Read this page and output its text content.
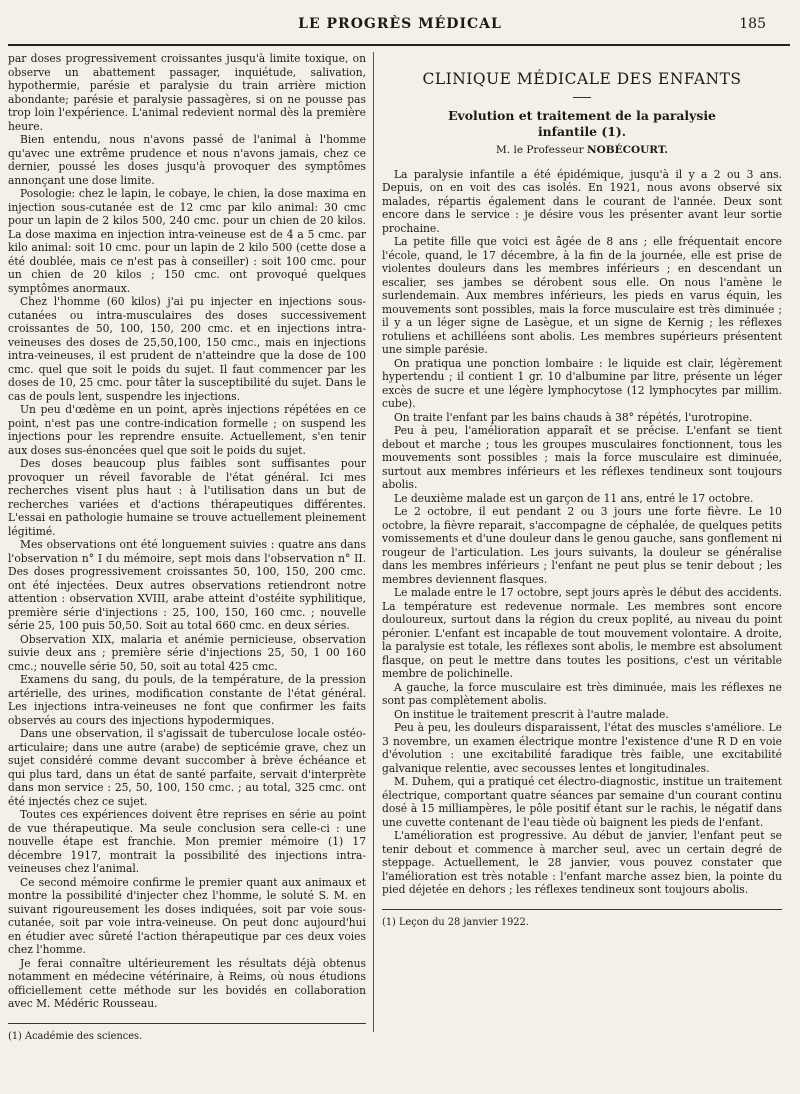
LE PROGRÈS MÉDICAL	185

par doses progressivement croissantes jusqu'à limite toxique, on observe un abattement passager, inquiétude, salivation, hypothermie, parésie et paralysie du train arrière miction abondante; parésie et paralysie passagères, si on ne pousse pas trop loin l'expérience. L'animal redevient normal dès la première heure.

Bien entendu, nous n'avons passé de l'animal à l'homme qu'avec une extrême prudence et nous n'avons jamais, chez ce dernier, poussé les doses jusqu'à provoquer des symptômes annonçant une dose limite.

Posologie: chez le lapin, le cobaye, le chien, la dose maxima en injection sous-cutanée est de 12 cmc par kilo animal: 30 cmc pour un lapin de 2 kilos 500, 240 cmc. pour un chien de 20 kilos. La dose maxima en injection intra-veineuse est de 4 a 5 cmc. par kilo animal: soit 10 cmc. pour un lapin de 2 kilo 500 (cette dose a été doublée, mais ce n'est pas à conseiller) : soit 100 cmc. pour un chien de 20 kilos ; 150 cmc. ont provoqué quelques symptômes anormaux.

Chez l'homme (60 kilos) j'ai pu injecter en injections sous-cutanées ou intra-musculaires des doses successivement croissantes de 50, 100, 150, 200 cmc. et en injections intra-veineuses des doses de 25,50,100, 150 cmc., mais en injections intra-veineuses, il est prudent de n'atteindre que la dose de 100 cmc. quel que soit le poids du sujet. Il faut commencer par les doses de 10, 25 cmc. pour tâter la susceptibilité du sujet. Dans le cas de pouls lent, suspendre les injections.

Un peu d'œdème en un point, après injections répétées en ce point, n'est pas une contre-indication formelle ; on suspend les injections pour les reprendre ensuite. Actuellement, s'en tenir aux doses sus-énoncées quel que soit le poids du sujet.

Des doses beaucoup plus faibles sont suffisantes pour provoquer un réveil favorable de l'état général. Ici mes recherches visent plus haut : à l'utilisation dans un but de recherches variées et d'actions thérapeutiques différentes. L'essai en pathologie humaine se trouve actuellement pleinement légitimé.

Mes observations ont été longuement suivies : quatre ans dans l'observation n° I du mémoire, sept mois dans l'observation n° II. Des doses progressivement croissantes 50, 100, 150, 200 cmc. ont été injectées. Deux autres observations retiendront notre attention : observation XVIII, arabe atteint d'ostéite syphilitique, première série d'injections : 25, 100, 150, 160 cmc. ; nouvelle série 25, 100 puis 50,50. Soit au total 660 cmc. en deux séries.

Observation XIX, malaria et anémie pernicieuse, observation suivie deux ans ; première série d'injections 25, 50, 1 00 160 cmc.; nouvelle série 50, 50, soit au total 425 cmc.

Examens du sang, du pouls, de la température, de la pression artérielle, des urines, modification constante de l'état général. Les injections intra-veineuses ne font que confirmer les faits observés au cours des injections hypodermiques.

Dans une observation, il s'agissait de tuberculose locale ostéo-articulaire; dans une autre (arabe) de septicémie grave, chez un sujet considéré comme devant succomber à brève échéance et qui plus tard, dans un état de santé parfaite, servait d'interprète dans mon service : 25, 50, 100, 150 cmc. ; au total, 325 cmc. ont été injectés chez ce sujet.

Toutes ces expériences doivent être reprises en série au point de vue thérapeutique. Ma seule conclusion sera celle-ci : une nouvelle étape est franchie. Mon premier mémoire (1) 17 décembre 1917, montrait la possibilité des injections intra-veineuses chez l'animal.

Ce second mémoire confirme le premier quant aux animaux et montre la possibilité d'injecter chez l'homme, le soluté S. M. en suivant rigoureusement les doses indiquées, soit par voie sous-cutanée, soit par voie intra-veineuse. On peut donc aujourd'hui en étudier avec sûreté l'action thérapeutique par ces deux voies chez l'homme.

Je ferai connaître ultérieurement les résultats déjà obtenus notamment en médecine vétérinaire, à Reims, où nous étudions officiellement cette méthode sur les bovidés en collaboration avec M. Médéric Rousseau.

(1) Académie des sciences.

CLINIQUE MÉDICALE DES ENFANTS

Evolution et traitement de la paralysie infantile (1).

M. le Professeur NOBÉCOURT.

La paralysie infantile a été épidémique, jusqu'à il y a 2 ou 3 ans. Depuis, on en voit des cas isolés. En 1921, nous avons observé six malades, répartis également dans le courant de l'année. Deux sont encore dans le service : je désire vous les présenter avant leur sortie prochaine.

La petite fille que voici est âgée de 8 ans ; elle fréquentait encore l'école, quand, le 17 décembre, à la fin de la journée, elle est prise de violentes douleurs dans les membres inférieurs ; en descendant un escalier, ses jambes se dérobent sous elle. On nous l'amène le surlendemain. Aux membres inférieurs, les pieds en varus équin, les mouvements sont possibles, mais la force musculaire est très diminuée ; il y a un léger signe de Lasègue, et un signe de Kernig ; les réflexes rotuliens et achilléens sont abolis. Les membres supérieurs présentent une simple parésie.

On pratiqua une ponction lombaire : le liquide est clair, légèrement hypertendu ; il contient 1 gr. 10 d'albumine par litre, présente un léger excès de sucre et une légère lymphocytose (12 lymphocytes par millim. cube).

On traite l'enfant par les bains chauds à 38° répétés, l'urotropine.

Peu à peu, l'amélioration apparaît et se précise. L'enfant se tient debout et marche ; tous les groupes musculaires fonctionnent, tous les mouvements sont possibles ; mais la force musculaire est diminuée, surtout aux membres inférieurs et les réflexes tendineux sont toujours abolis.

Le deuxième malade est un garçon de 11 ans, entré le 17 octobre.

Le 2 octobre, il eut pendant 2 ou 3 jours une forte fièvre. Le 10 octobre, la fièvre reparait, s'accompagne de céphalée, de quelques petits vomissements et d'une douleur dans le genou gauche, sans gonflement ni rougeur de l'articulation. Les jours suivants, la douleur se généralise dans les membres inférieurs ; l'enfant ne peut plus se tenir debout ; les membres deviennent flasques.

Le malade entre le 17 octobre, sept jours après le début des accidents. La température est redevenue normale. Les membres sont encore douloureux, surtout dans la région du creux poplité, au niveau du point péronier. L'enfant est incapable de tout mouvement volontaire. A droite, la paralysie est totale, les réflexes sont abolis, le membre est absolument flasque, on peut le mettre dans toutes les positions, c'est un véritable membre de polichinelle.

A gauche, la force musculaire est très diminuée, mais les réflexes ne sont pas complètement abolis.

On institue le traitement prescrit à l'autre malade.

Peu à peu, les douleurs disparaissent, l'état des muscles s'améliore. Le 3 novembre, un examen électrique montre l'existence d'une R D en voie d'évolution : une excitabilité faradique très faible, une excitabilité galvanique relentie, avec secousses lentes et longitudinales.

M. Duhem, qui a pratiqué cet électro-diagnostic, institue un traitement électrique, comportant quatre séances par semaine d'un courant continu dosé à 15 milliampères, le pôle positif étant sur le rachis, le négatif dans une cuvette contenant de l'eau tiède où baignent les pieds de l'enfant.

L'amélioration est progressive. Au début de janvier, l'enfant peut se tenir debout et commence à marcher seul, avec un certain degré de steppage. Actuellement, le 28 janvier, vous pouvez constater que l'amélioration est très notable : l'enfant marche assez bien, la pointe du pied déjetée en dehors ; les réflexes tendineux sont toujours abolis.

(1) Leçon du 28 janvier 1922.
